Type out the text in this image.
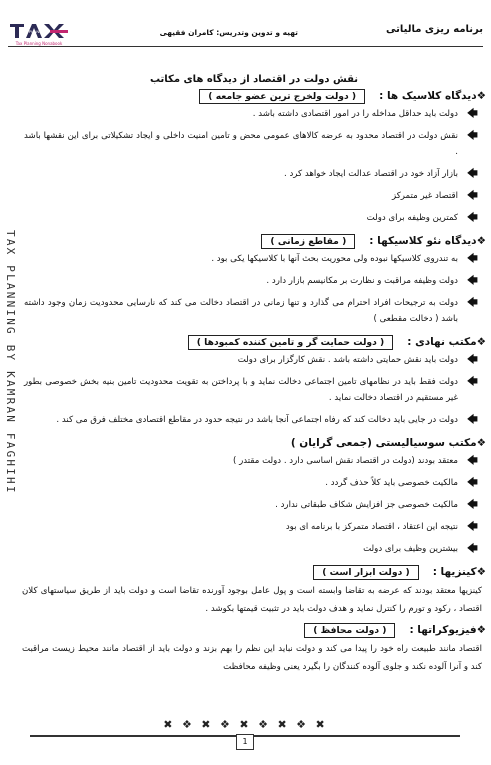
PLANNING
Tax Planning Nonabook
تهیه و تدوین وتدریس: کامران فقیهی	برنامه ریزی مالیاتی
TAX PLANNING BY KAMRAN FAGHIHI
نقش دولت در اقتصاد از دیدگاه های مکاتب
❖دیدگاه کلاسیک ها :( دولت ولخرج ترین عضو جامعه )
🡄
دولت باید حداقل مداخله را در امور اقتصادی داشته باشد .
🡄
نقش دولت در اقتصاد محدود به عرضه کالاهای عمومی محض و تامین امنیت داخلی و ایجاد تشکیلاتی برای این نقشها باشد .
🡄
بازار آزاد خود در اقتصاد عدالت ایجاد خواهد کرد .
🡄
اقتصاد غیر متمرکز
🡄
کمترین وظیفه برای دولت
❖دیدگاه نئو کلاسیکها :( مقاطع زمانی )
🡄
به تندروی کلاسیکها نبوده ولی محوریت بحث آنها با کلاسیکها یکی بود .
🡄
دولت وظیفه مراقبت و نظارت بر مکانیسم بازار دارد .
🡄
دولت به ترجیحات افراد احترام می گذارد و تنها زمانی در اقتصاد دخالت می کند که نارسایی محدودیت زمان وجود داشته باشد ( دخالت مقطعی )
❖مکتب نهادی :( دولت حمایت گر و تامین کننده کمبودها )
🡄
دولت باید نقش حمایتی داشته باشد . نقش کارگزار برای دولت
🡄
دولت فقط باید در نظامهای تامین اجتماعی دخالت نماید و با پرداختن به تقویت محدودیت تامین بنیه بخش خصوصی بطور غیر مستقیم در اقتصاد دخالت نماید .
🡄
دولت در جایی باید دخالت کند که رفاه اجتماعی آنجا باشد در نتیجه حدود در مقاطع اقتصادی مختلف فرق می کند .
❖مکتب سوسیالیستی (جمعی گرایان )
🡄
معتقد بودند (دولت در اقتصاد نقش اساسی دارد . دولت مقتدر )
🡄
مالکیت خصوصی باید کلاً حذف گردد .
🡄
مالکیت خصوصی جز افزایش شکاف طبقاتی ندارد .
🡄
نتیجه این اعتقاد ، اقتصاد متمرکز با برنامه ای بود
🡄
بیشترین وظیف برای دولت
❖کینزیها :( دولت ابزار است )
کینزیها معتقد بودند که عرضه به تقاضا وابسته است و پول عامل بوجود آورنده تقاضا است و دولت باید از طریق سیاستهای کلان اقتصاد ، رکود و تورم را کنترل نماید و هدف دولت باید در تثبیت قیمتها بکوشد .
❖فیزیوکراتها :( دولت محافظ )
اقتصاد مانند طبیعت راه خود را پیدا می کند و دولت نباید این نظم را بهم بزند و دولت باید از اقتصاد مانند محیط زیست مراقبت کند و آنرا آلوده نکند و جلوی آلوده کنندگان را بگیرد یعنی وظیفه محافظت
✖ ❖ ✖ ❖ ✖ ❖ ✖ ❖ ✖
1
